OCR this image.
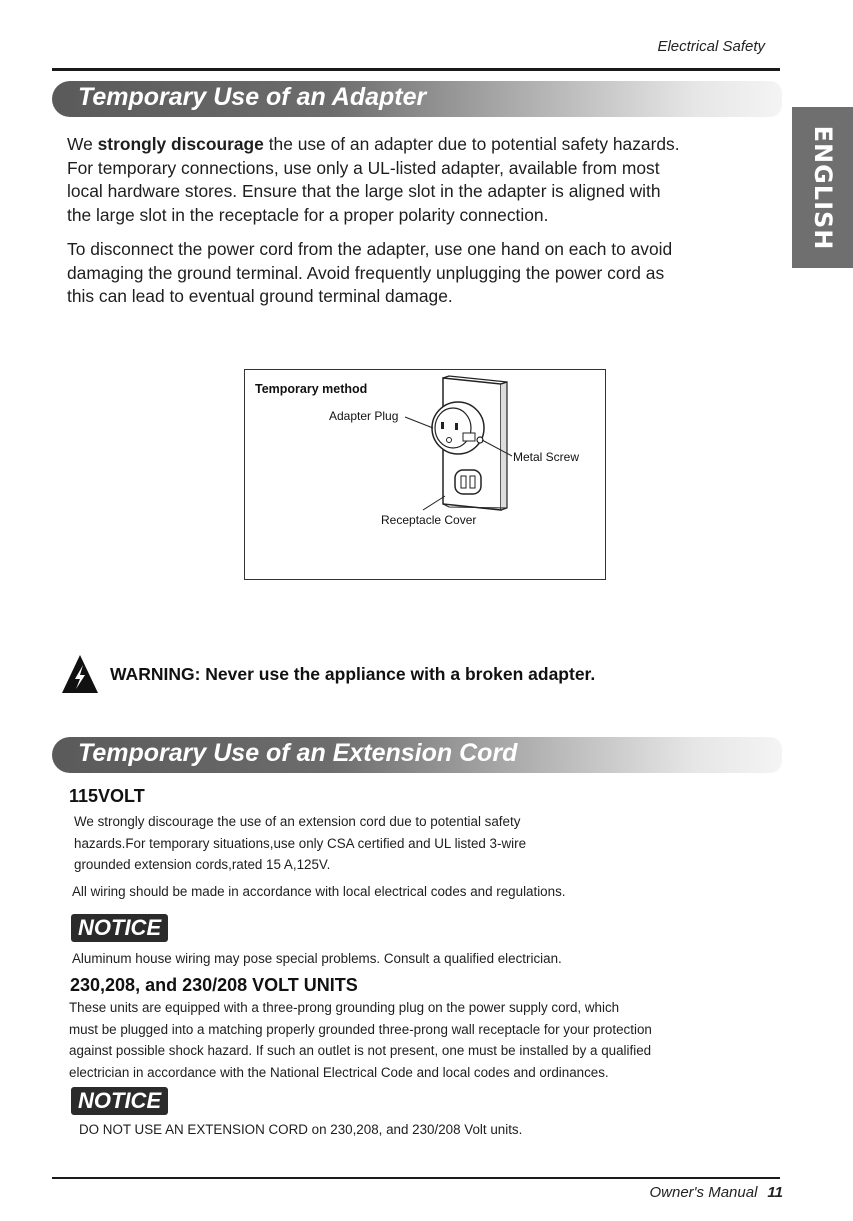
Electrical Safety
ENGLISH
Temporary Use of an Adapter
We strongly discourage the use of an adapter due to potential safety hazards.
For temporary connections, use only a UL-listed adapter, available from most
local hardware stores. Ensure that the large slot in the adapter is aligned with
the large slot in the receptacle for a proper polarity connection.
To disconnect the power cord from the adapter, use one hand on each to avoid
damaging the ground terminal. Avoid frequently unplugging the power cord as
this can lead to eventual ground terminal damage.
Temporary method
Adapter Plug
Metal Screw
Receptacle Cover
WARNING: Never use the appliance with a broken adapter.
Temporary Use of an Extension Cord
115VOLT
We strongly discourage the use of an extension cord due to potential safety
hazards.For temporary situations,use only CSA certified and UL listed 3-wire
grounded extension cords,rated 15 A,125V.
All wiring should be made in accordance with local electrical codes and regulations.
NOTICE
Aluminum house wiring may pose special problems. Consult a qualified electrician.
230,208, and 230/208 VOLT UNITS
These units are equipped with a three-prong grounding plug on the power supply cord, which
must be plugged into a matching properly grounded three-prong wall receptacle for your protection
against possible shock hazard. If such an outlet is not present, one must be installed by a qualified
electrician in accordance with the National Electrical Code and local codes and ordinances.
NOTICE
DO NOT USE AN EXTENSION CORD on 230,208, and 230/208 Volt units.
Owner's Manual 11
